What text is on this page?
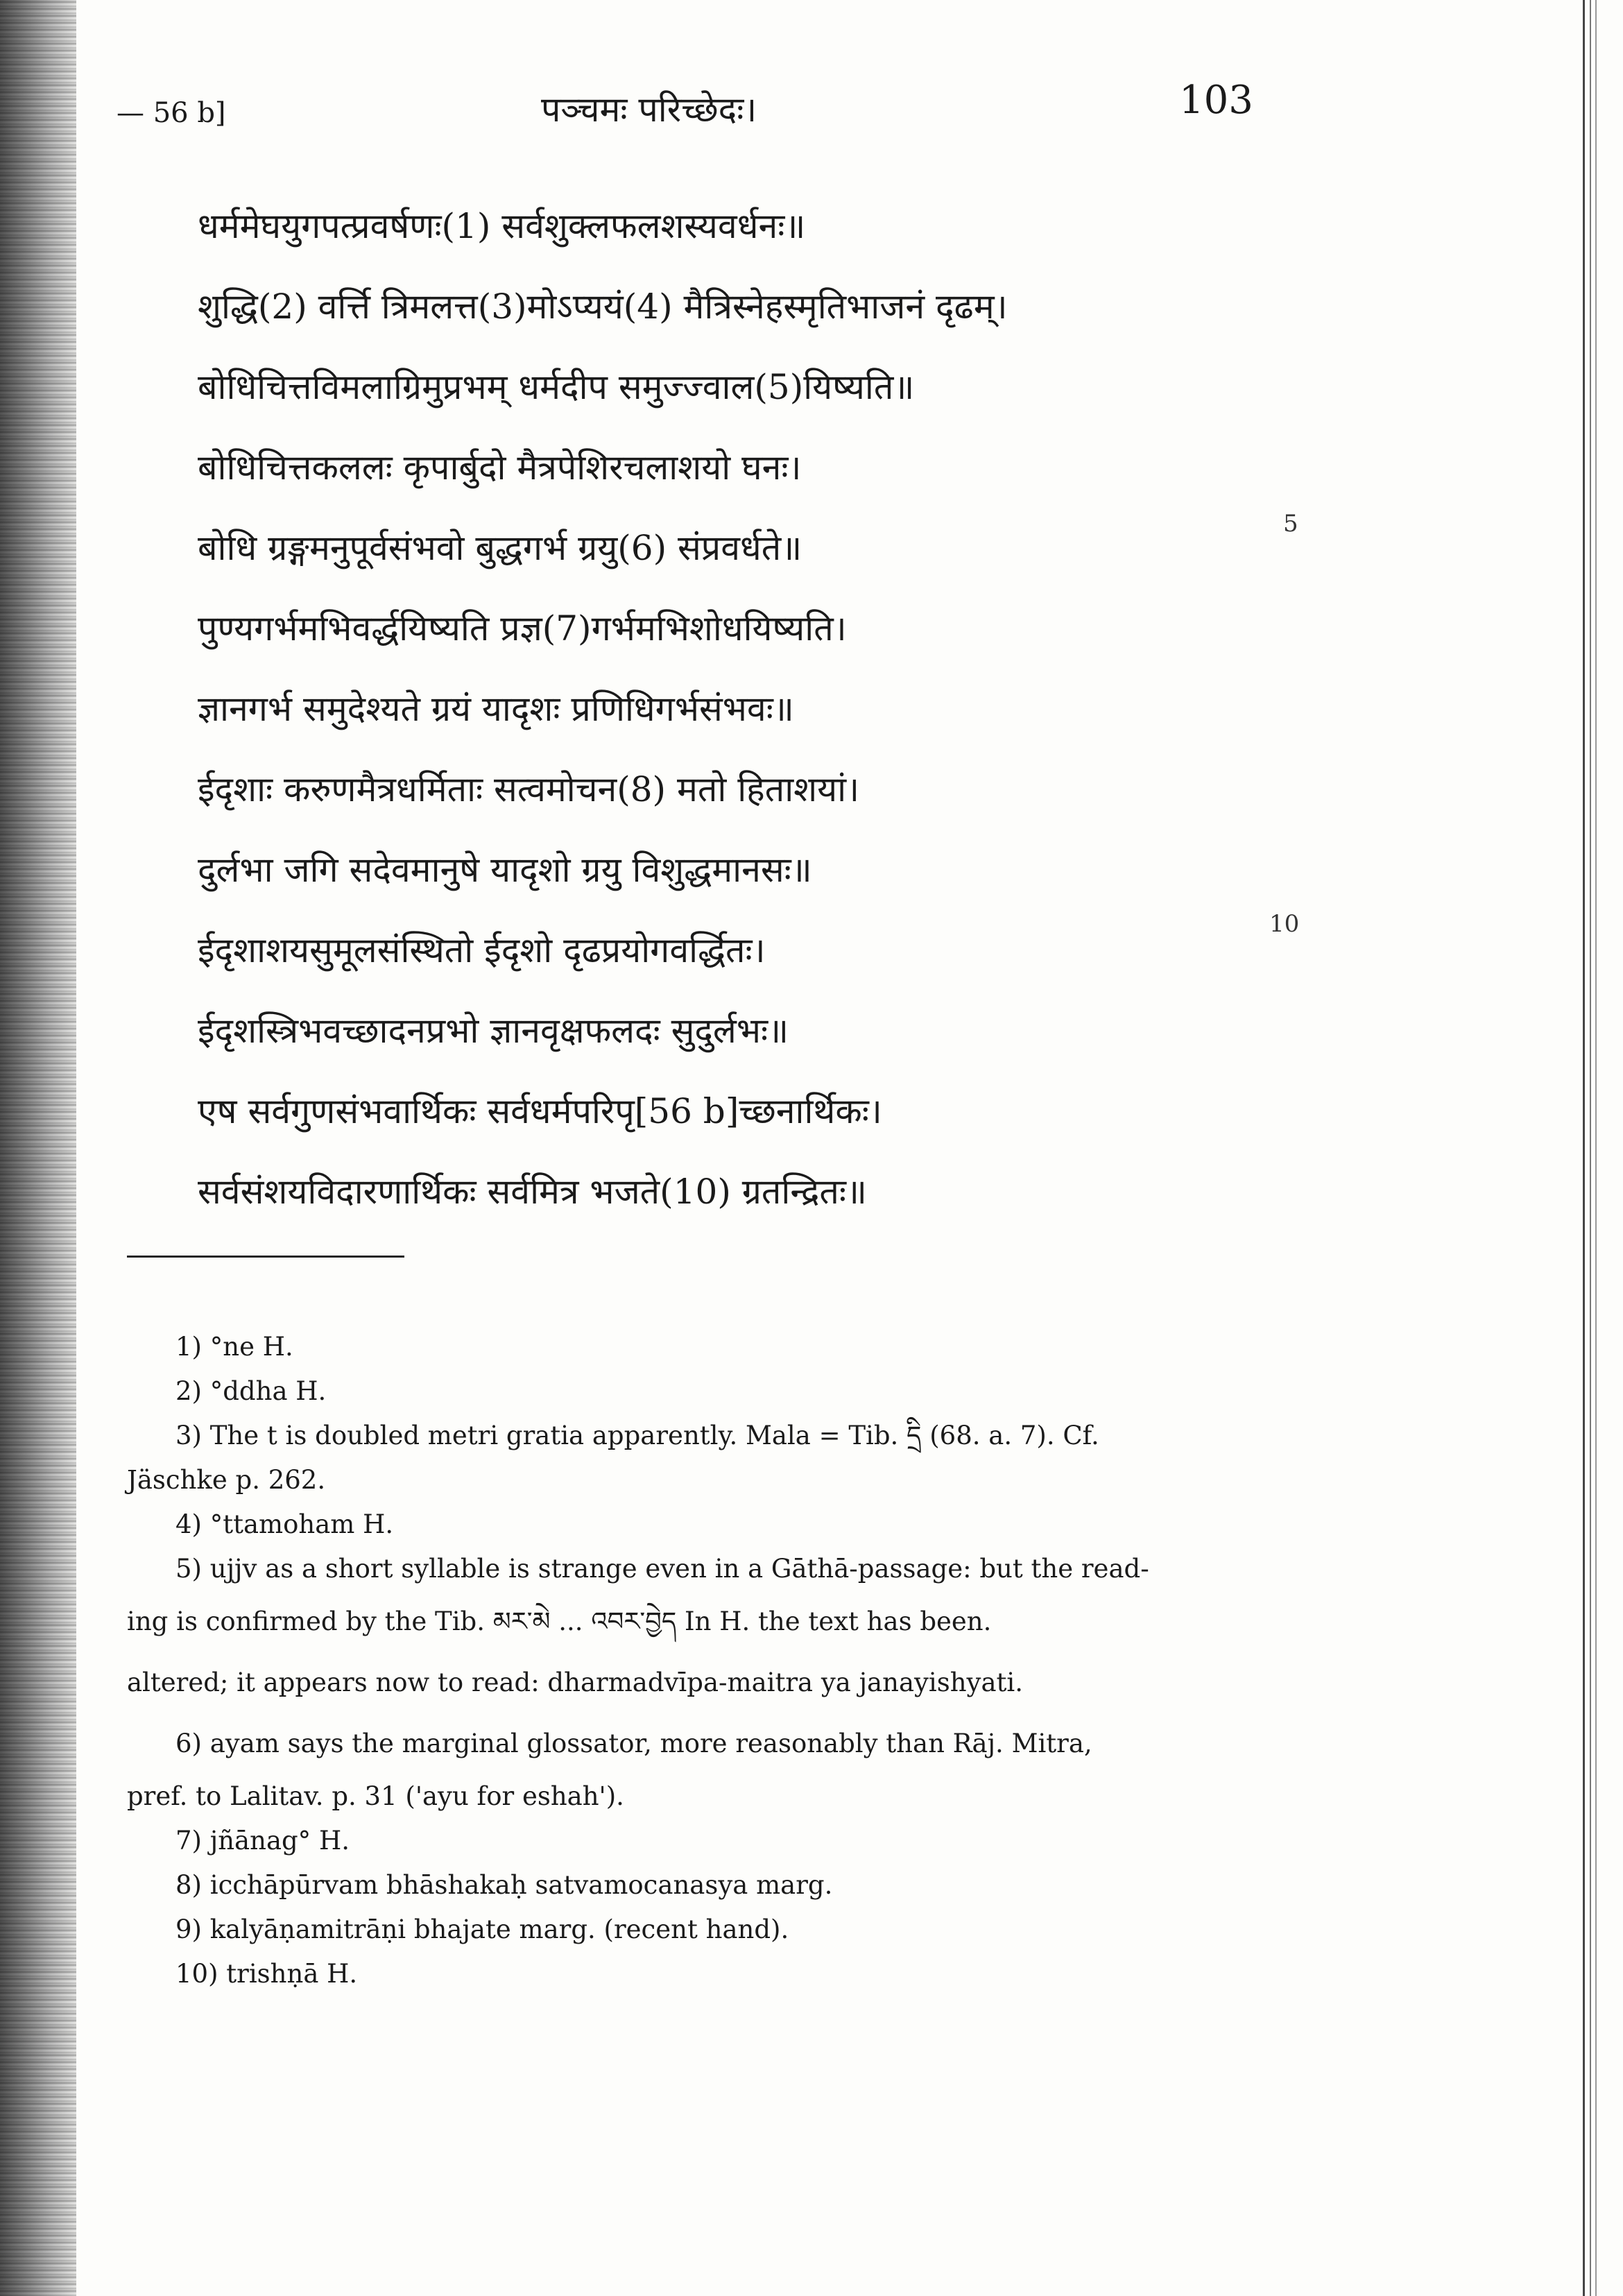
— 56 b]	पञ्चमः परिच्छेदः।	103
धर्ममेघयुगपत्प्रवर्षणः(1) सर्वशुक्लफलशस्यवर्धनः॥
शुद्धि(2) वर्त्ति त्रिमलत्त(3)मोऽप्ययं(4) मैत्रिस्नेहस्मृतिभाजनं दृढम्।
बोधिचित्तविमलाग्रिमुप्रभम् धर्मदीप समुज्ज्वाल(5)यिष्यति॥
बोधिचित्तकललः कृपार्बुदो मैत्रपेशिरचलाशयो घनः।
बोधि ग्रङ्गमनुपूर्वसंभवो बुद्धगर्भ ग्रयु(6) संप्रवर्धते॥
पुण्यगर्भमभिवर्द्धयिष्यति प्रज्ञ(7)गर्भमभिशोधयिष्यति।
ज्ञानगर्भ समुदेश्यते ग्रयं यादृशः प्रणिधिगर्भसंभवः॥
ईदृशाः करुणमैत्रधर्मिताः सत्वमोचन(8) मतो हिताशयां।
दुर्लभा जगि सदेवमानुषे यादृशो ग्रयु विशुद्धमानसः॥
ईदृशाशयसुमूलसंस्थितो ईदृशो दृढप्रयोगवर्द्धितः।
ईदृशस्त्रिभवच्छादनप्रभो ज्ञानवृक्षफलदः सुदुर्लभः॥
एष सर्वगुणसंभवार्थिकः सर्वधर्मपरिपृ[56 b]च्छनार्थिकः।
सर्वसंशयविदारणार्थिकः सर्वमित्र भजते(10) ग्रतन्द्रितः॥
5
10
1) °ne H.
2) °ddha H.
3) The t is doubled metri gratia apparently. Mala = Tib. དྲི (68. a. 7). Cf.
Jäschke p. 262.
4) °ttamoham H.
5) ujjv as a short syllable is strange even in a Gāthā-passage: but the read-
ing is confirmed by the Tib. མར་མེ ... འབར་བྱེད In H. the text has been.
altered; it appears now to read: dharmadvīpa-maitra ya janayishyati.
6) ayam says the marginal glossator, more reasonably than Rāj. Mitra,
pref. to Lalitav. p. 31 ('ayu for eshah').
7) jñānag° H.
8) icchāpūrvam bhāshakaḥ satvamocanasya marg.
9) kalyāṇamitrāṇi bhajate marg. (recent hand).
10) trishṇā H.
